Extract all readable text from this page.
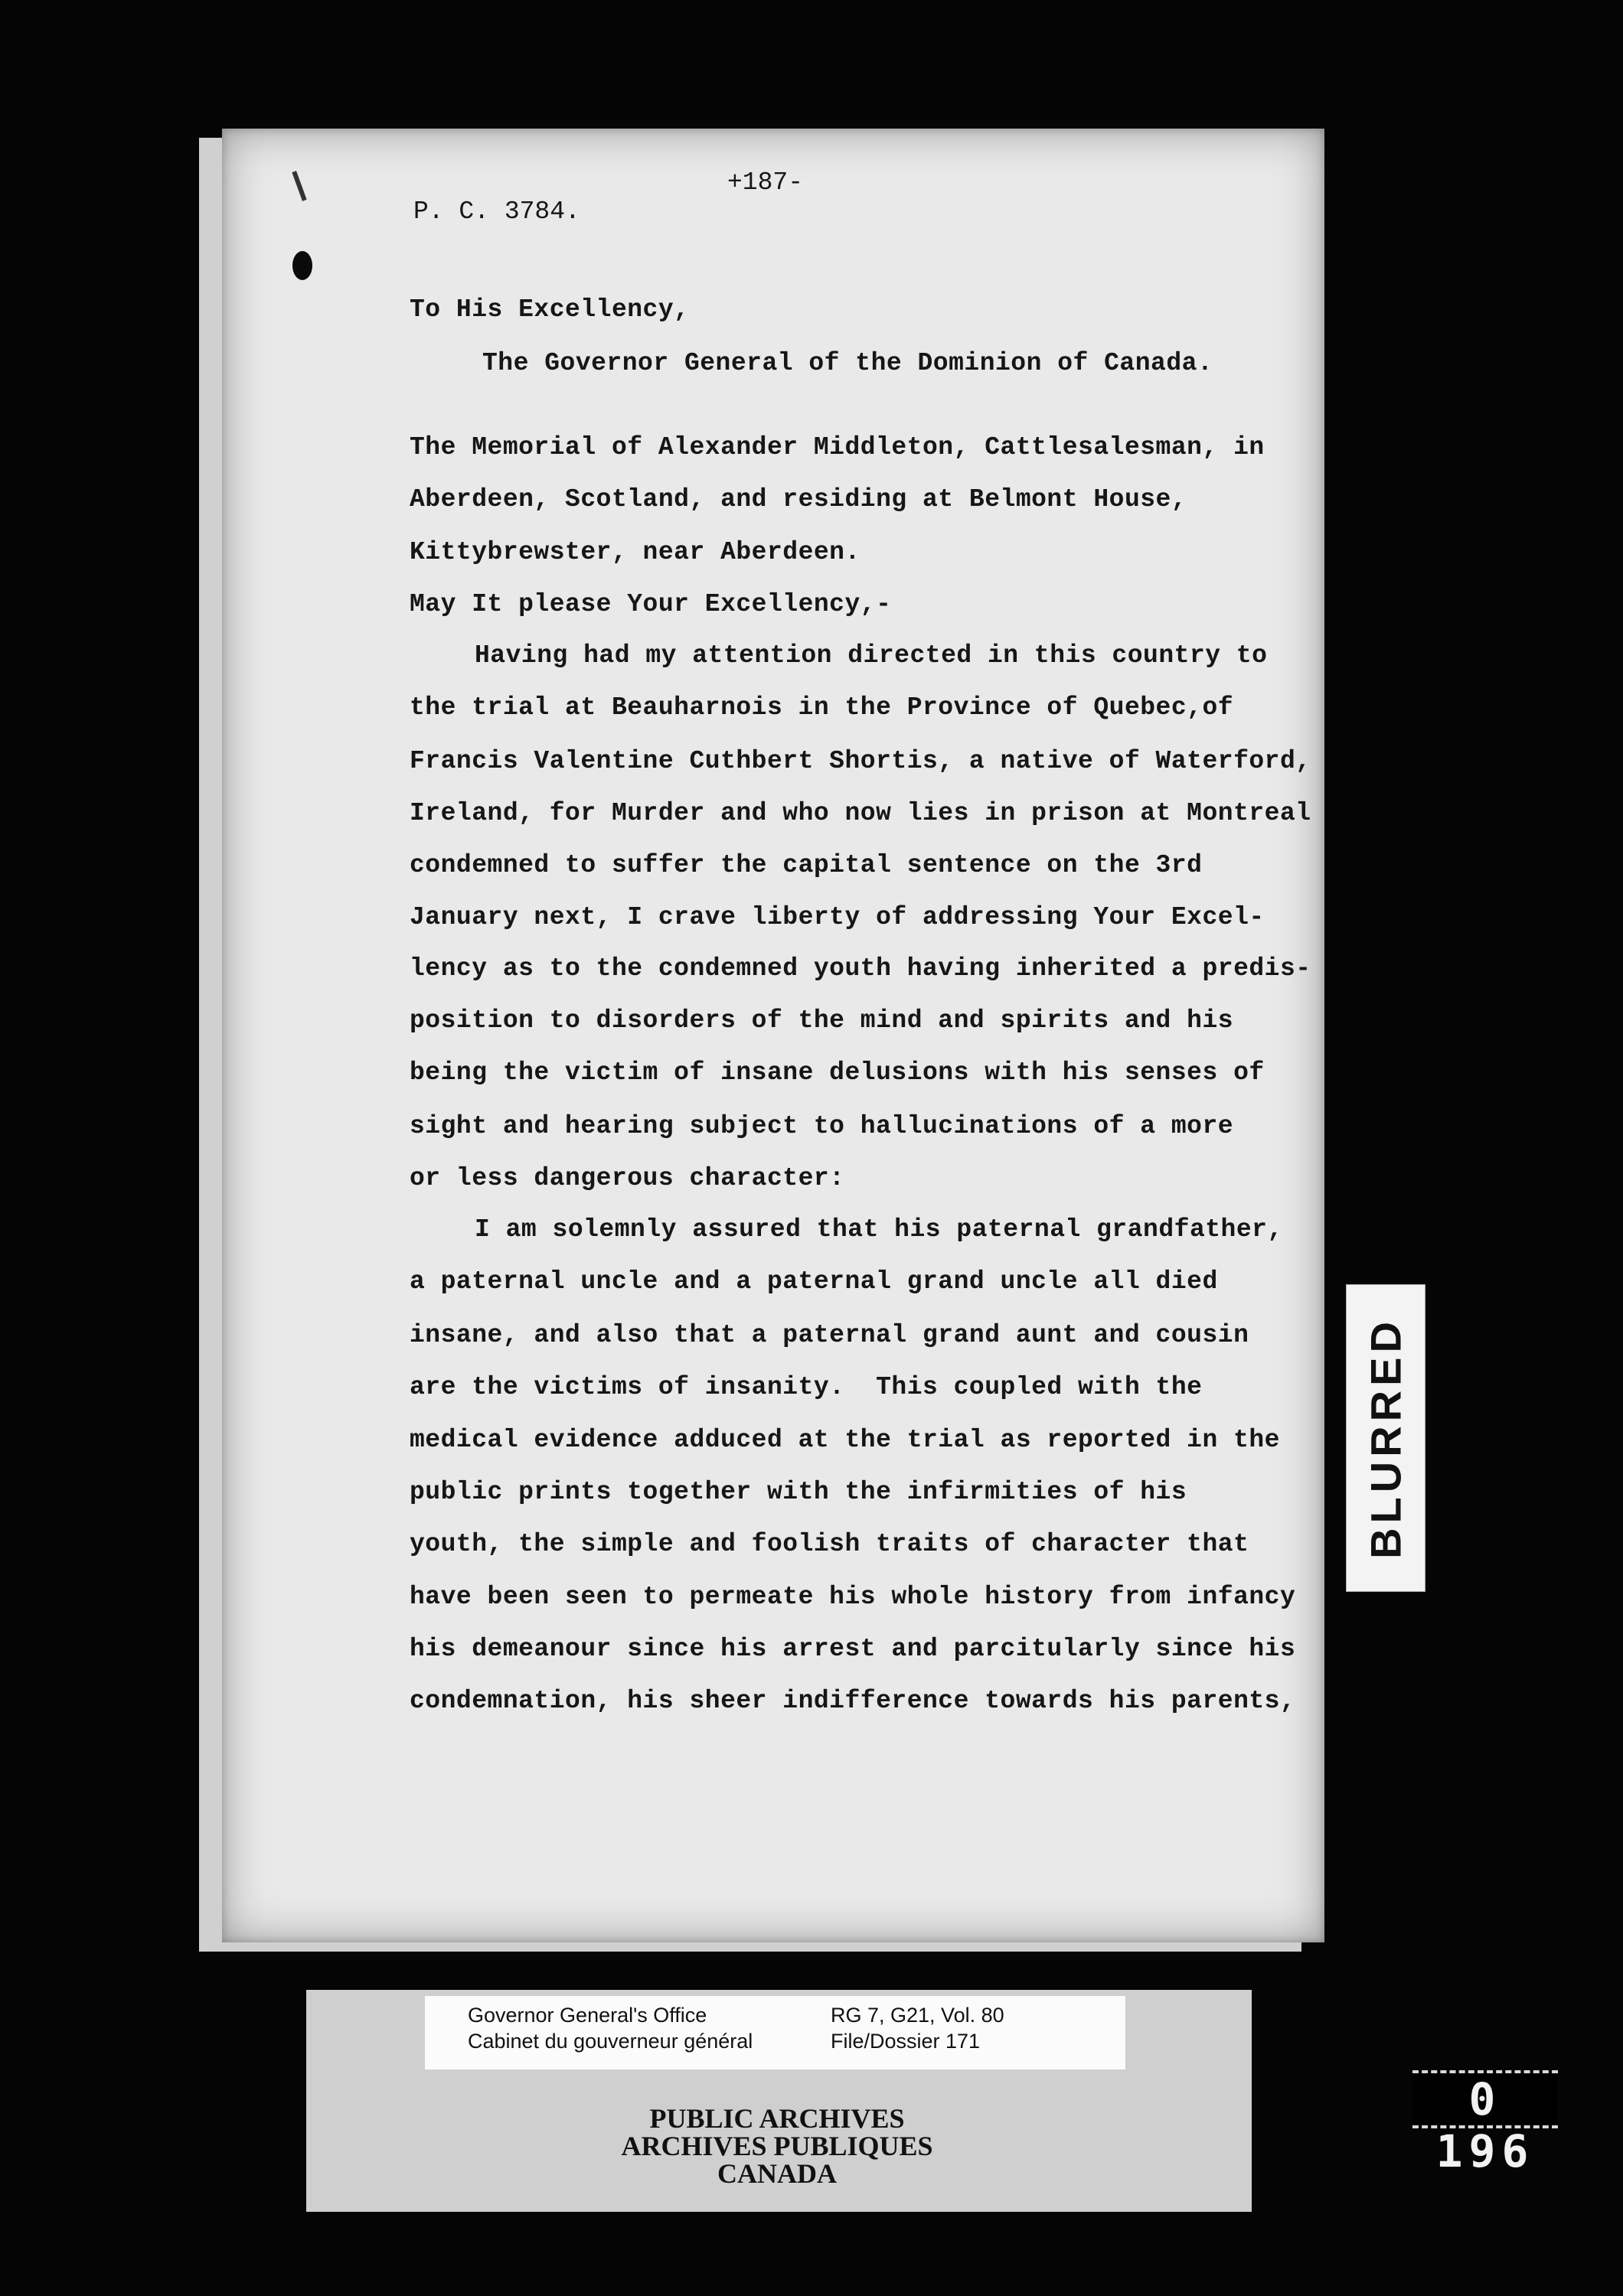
+187-
P. C. 3784.
To His Excellency,
The Governor General of the Dominion of Canada.
The Memorial of Alexander Middleton, Cattlesalesman, in
Aberdeen, Scotland, and residing at Belmont House,
Kittybrewster, near Aberdeen.
May It please Your Excellency,-
Having had my attention directed in this country to
the trial at Beauharnois in the Province of Quebec,of
Francis Valentine Cuthbert Shortis, a native of Waterford,
Ireland, for Murder and who now lies in prison at Montreal
condemned to suffer the capital sentence on the 3rd
January next, I crave liberty of addressing Your Excel-
lency as to the condemned youth having inherited a predis-
position to disorders of the mind and spirits and his
being the victim of insane delusions with his senses of
sight and hearing subject to hallucinations of a more
or less dangerous character:
I am solemnly assured that his paternal grandfather,
a paternal uncle and a paternal grand uncle all died
insane, and also that a paternal grand aunt and cousin
are the victims of insanity.  This coupled with the
medical evidence adduced at the trial as reported in the
public prints together with the infirmities of his
youth, the simple and foolish traits of character that
have been seen to permeate his whole history from infancy
his demeanour since his arrest and parcitularly since his
condemnation, his sheer indifference towards his parents,
BLURRED
Governor General's Office
Cabinet du gouverneur général
RG 7, G21, Vol. 80
File/Dossier 171
PUBLIC ARCHIVES
ARCHIVES PUBLIQUES
CANADA
0 196
